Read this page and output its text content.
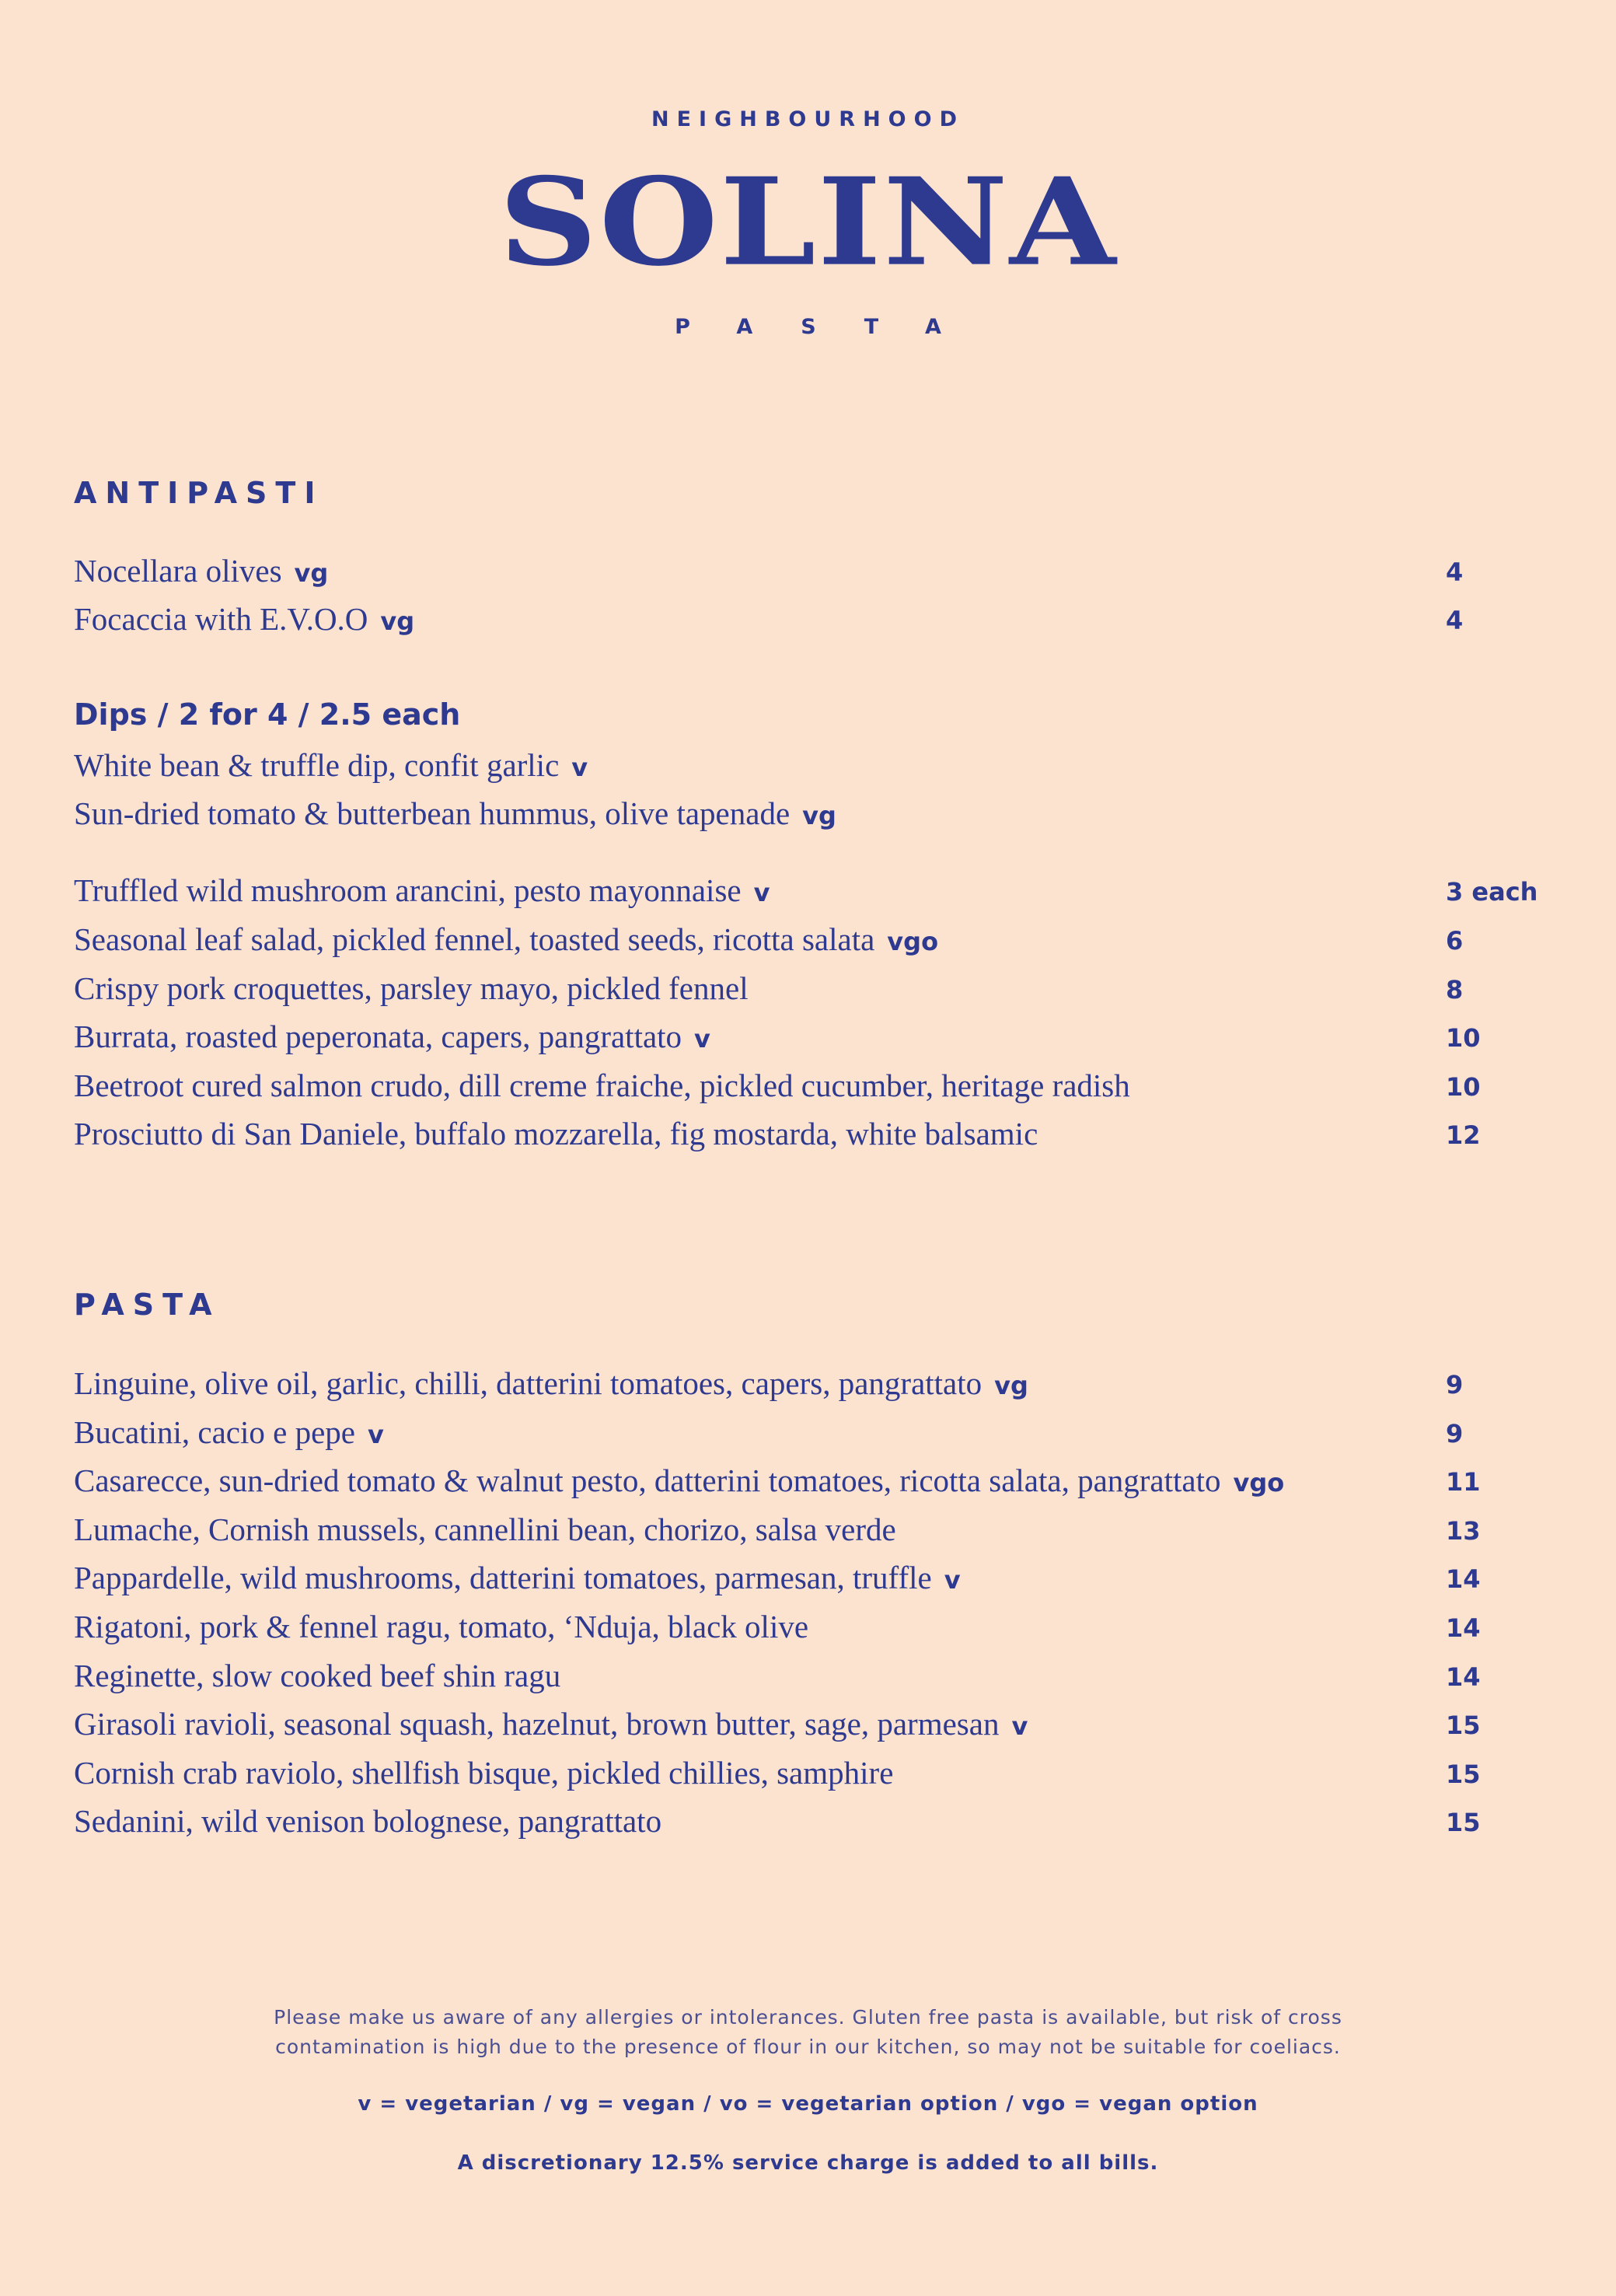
NEIGHBOURHOOD
SOLINA
PASTA
ANTIPASTI
Nocellara olives vg	4
Focaccia with E.V.O.O vg	4
Dips / 2 for 4 / 2.5 each
White bean & truffle dip, confit garlic v
Sun-dried tomato & butterbean hummus, olive tapenade vg
Truffled wild mushroom arancini, pesto mayonnaise v	3 each
Seasonal leaf salad, pickled fennel, toasted seeds, ricotta salata vgo	6
Crispy pork croquettes, parsley mayo, pickled fennel	8
Burrata, roasted peperonata, capers, pangrattato v	10
Beetroot cured salmon crudo, dill creme fraiche, pickled cucumber, heritage radish	10
Prosciutto di San Daniele, buffalo mozzarella, fig mostarda, white balsamic	12
PASTA
Linguine, olive oil, garlic, chilli, datterini tomatoes, capers, pangrattato vg	9
Bucatini, cacio e pepe v	9
Casarecce, sun-dried tomato & walnut pesto, datterini tomatoes, ricotta salata, pangrattato vgo	11
Lumache, Cornish mussels, cannellini bean, chorizo, salsa verde	13
Pappardelle, wild mushrooms, datterini tomatoes, parmesan, truffle v	14
Rigatoni, pork & fennel ragu, tomato, ‘Nduja, black olive	14
Reginette, slow cooked beef shin ragu	14
Girasoli ravioli, seasonal squash, hazelnut, brown butter, sage, parmesan v	15
Cornish crab raviolo, shellfish bisque, pickled chillies, samphire	15
Sedanini, wild venison bolognese, pangrattato	15
Please make us aware of any allergies or intolerances. Gluten free pasta is available, but risk of cross
contamination is high due to the presence of flour in our kitchen, so may not be suitable for coeliacs.
v = vegetarian / vg = vegan / vo = vegetarian option / vgo = vegan option
A discretionary 12.5% service charge is added to all bills.
